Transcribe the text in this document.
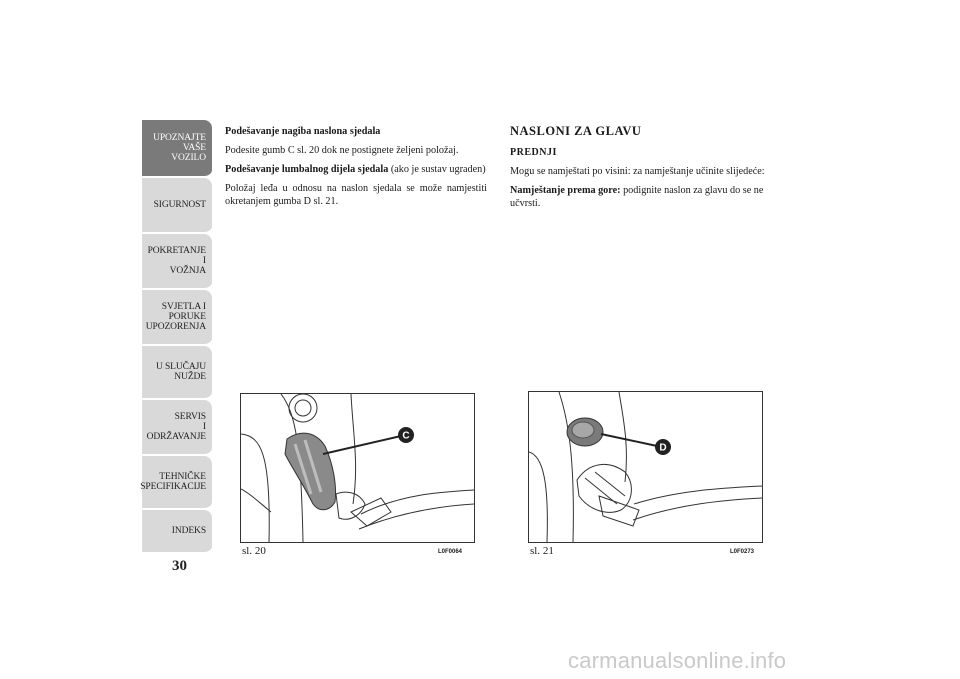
UPOZNAJTE
VAŠE
VOZILO
SIGURNOST
POKRETANJE
I
VOŽNJA
SVJETLA I
PORUKE
UPOZORENJA
U SLUČAJU
NUŽDE
SERVIS
I
ODRŽAVANJE
TEHNIČKE
SPECIFIKACIJE
INDEKS
30

Podešavanje nagiba naslona sjedala

Podesite gumb C sl. 20 dok ne postignete željeni položaj.

Podešavanje lumbalnog dijela sjedala (ako je sustav ugraden)

Položaj leđa u odnosu na naslon sjedala se može namjestiti okretanjem gumba D sl. 21.

NASLONI ZA GLAVU
PREDNJI

Mogu se namještati po visini: za namještanje učinite slijedeće:

Namještanje prema gore: podignite naslon za glavu do se ne učvrsti.

C
sl. 20	L0F0064
D
sl. 21	L0F0273
carmanualsonline.info
